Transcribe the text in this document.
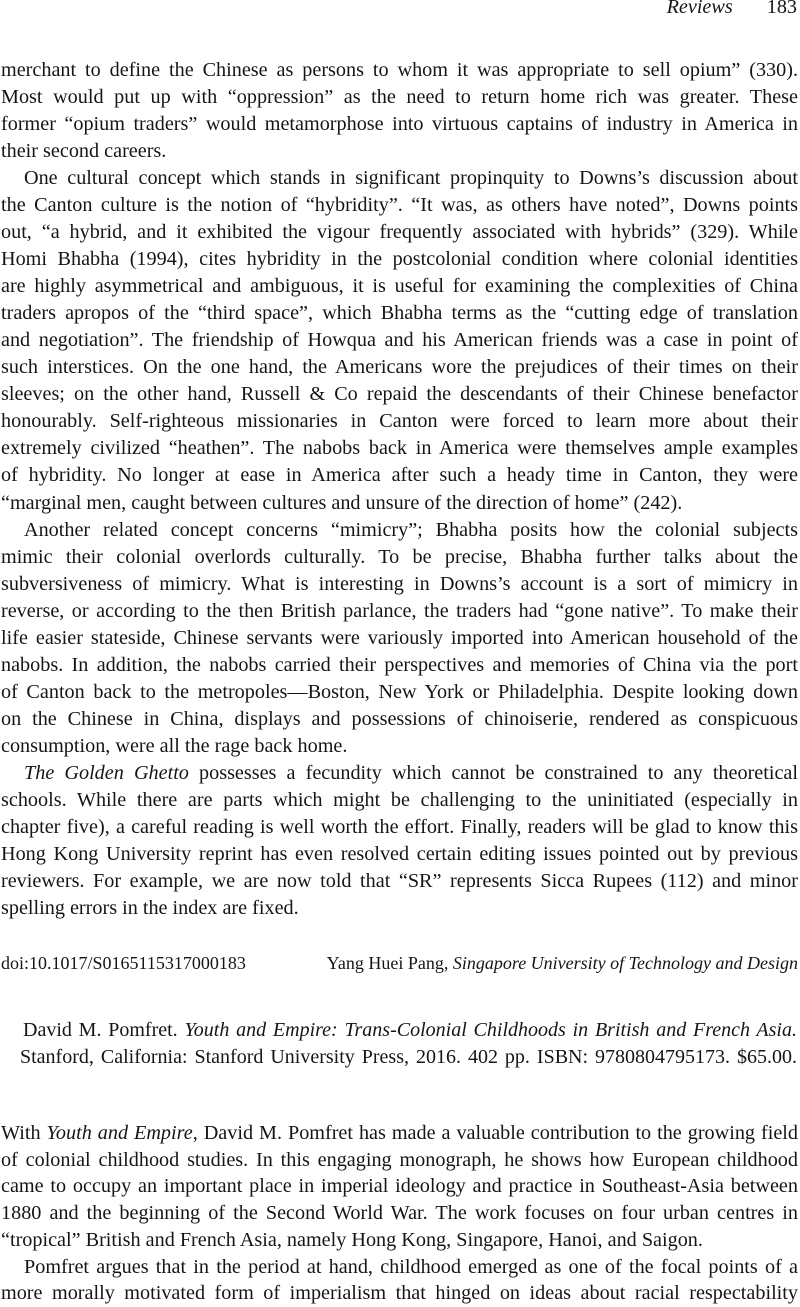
Reviews 183
merchant to define the Chinese as persons to whom it was appropriate to sell opium” (330).
Most would put up with “oppression” as the need to return home rich was greater. These
former “opium traders” would metamorphose into virtuous captains of industry in America in
their second careers.
One cultural concept which stands in significant propinquity to Downs’s discussion about
the Canton culture is the notion of “hybridity”. “It was, as others have noted”, Downs points
out, “a hybrid, and it exhibited the vigour frequently associated with hybrids” (329). While
Homi Bhabha (1994), cites hybridity in the postcolonial condition where colonial identities
are highly asymmetrical and ambiguous, it is useful for examining the complexities of China
traders apropos of the “third space”, which Bhabha terms as the “cutting edge of translation
and negotiation”. The friendship of Howqua and his American friends was a case in point of
such interstices. On the one hand, the Americans wore the prejudices of their times on their
sleeves; on the other hand, Russell & Co repaid the descendants of their Chinese benefactor
honourably. Self-righteous missionaries in Canton were forced to learn more about their
extremely civilized “heathen”. The nabobs back in America were themselves ample examples
of hybridity. No longer at ease in America after such a heady time in Canton, they were
“marginal men, caught between cultures and unsure of the direction of home” (242).
Another related concept concerns “mimicry”; Bhabha posits how the colonial subjects
mimic their colonial overlords culturally. To be precise, Bhabha further talks about the
subversiveness of mimicry. What is interesting in Downs’s account is a sort of mimicry in
reverse, or according to the then British parlance, the traders had “gone native”. To make their
life easier stateside, Chinese servants were variously imported into American household of the
nabobs. In addition, the nabobs carried their perspectives and memories of China via the port
of Canton back to the metropoles—Boston, New York or Philadelphia. Despite looking down
on the Chinese in China, displays and possessions of chinoiserie, rendered as conspicuous
consumption, were all the rage back home.
The Golden Ghetto possesses a fecundity which cannot be constrained to any theoretical
schools. While there are parts which might be challenging to the uninitiated (especially in
chapter five), a careful reading is well worth the effort. Finally, readers will be glad to know this
Hong Kong University reprint has even resolved certain editing issues pointed out by previous
reviewers. For example, we are now told that “SR” represents Sicca Rupees (112) and minor
spelling errors in the index are fixed.
doi:10.1017/S0165115317000183	Yang Huei Pang, Singapore University of Technology and Design
David M. Pomfret. Youth and Empire: Trans-Colonial Childhoods in British and French Asia.
Stanford, California: Stanford University Press, 2016. 402 pp. ISBN: 9780804795173. $65.00.
With Youth and Empire, David M. Pomfret has made a valuable contribution to the growing field
of colonial childhood studies. In this engaging monograph, he shows how European childhood
came to occupy an important place in imperial ideology and practice in Southeast-Asia between
1880 and the beginning of the Second World War. The work focuses on four urban centres in
“tropical” British and French Asia, namely Hong Kong, Singapore, Hanoi, and Saigon.
Pomfret argues that in the period at hand, childhood emerged as one of the focal points of a
more morally motivated form of imperialism that hinged on ideas about racial respectability
